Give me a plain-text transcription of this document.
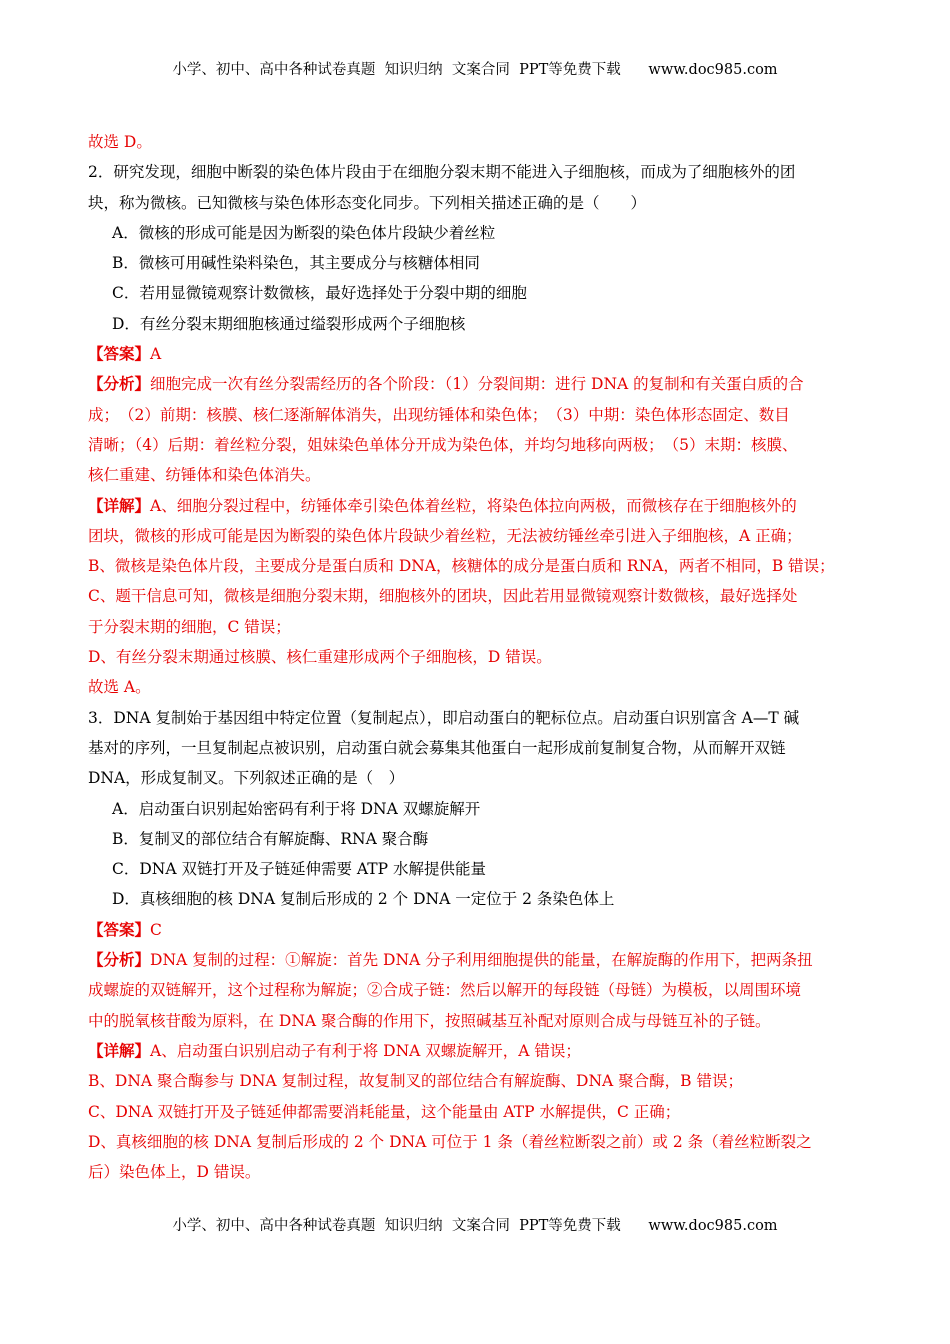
小学、初中、高中各种试卷真题  知识归纳  文案合同  PPT等免费下载      www.doc985.com
故选 D。
2．研究发现，细胞中断裂的染色体片段由于在细胞分裂末期不能进入子细胞核，而成为了细胞核外的团
块，称为微核。已知微核与染色体形态变化同步。下列相关描述正确的是（　　）
A．微核的形成可能是因为断裂的染色体片段缺少着丝粒
B．微核可用碱性染料染色，其主要成分与核糖体相同
C．若用显微镜观察计数微核，最好选择处于分裂中期的细胞
D．有丝分裂末期细胞核通过缢裂形成两个子细胞核
【答案】A
【分析】细胞完成一次有丝分裂需经历的各个阶段：（1）分裂间期：进行 DNA 的复制和有关蛋白质的合
成；　（2）前期：核膜、核仁逐渐解体消失，出现纺锤体和染色体；　（3）中期：染色体形态固定、数目
清晰；（4）后期：着丝粒分裂，姐妹染色单体分开成为染色体，并均匀地移向两极；　（5）末期：核膜、
核仁重建、纺锤体和染色体消失。
【详解】A、细胞分裂过程中，纺锤体牵引染色体着丝粒，将染色体拉向两极，而微核存在于细胞核外的
团块，微核的形成可能是因为断裂的染色体片段缺少着丝粒，无法被纺锤丝牵引进入子细胞核，A 正确；
B、微核是染色体片段，主要成分是蛋白质和 DNA，核糖体的成分是蛋白质和 RNA，两者不相同，B 错误；
C、题干信息可知，微核是细胞分裂末期，细胞核外的团块，因此若用显微镜观察计数微核，最好选择处
于分裂末期的细胞，C 错误；
D、有丝分裂末期通过核膜、核仁重建形成两个子细胞核，D 错误。
故选 A。
3．DNA 复制始于基因组中特定位置（复制起点），即启动蛋白的靶标位点。启动蛋白识别富含 A—T 碱
基对的序列，一旦复制起点被识别，启动蛋白就会募集其他蛋白一起形成前复制复合物，从而解开双链
DNA，形成复制叉。下列叙述正确的是（　）
A．启动蛋白识别起始密码有利于将 DNA 双螺旋解开
B．复制叉的部位结合有解旋酶、RNA 聚合酶
C．DNA 双链打开及子链延伸需要 ATP 水解提供能量
D．真核细胞的核 DNA 复制后形成的 2 个 DNA 一定位于 2 条染色体上
【答案】C
【分析】DNA 复制的过程：①解旋：首先 DNA 分子利用细胞提供的能量，在解旋酶的作用下，把两条扭
成螺旋的双链解开，这个过程称为解旋；②合成子链：然后以解开的每段链（母链）为模板，以周围环境
中的脱氧核苷酸为原料，在 DNA 聚合酶的作用下，按照碱基互补配对原则合成与母链互补的子链。
【详解】A、启动蛋白识别启动子有利于将 DNA 双螺旋解开，A 错误；
B、DNA 聚合酶参与 DNA 复制过程，故复制叉的部位结合有解旋酶、DNA 聚合酶，B 错误；
C、DNA 双链打开及子链延伸都需要消耗能量，这个能量由 ATP 水解提供，C 正确；
D、真核细胞的核 DNA 复制后形成的 2 个 DNA 可位于 1 条（着丝粒断裂之前）或 2 条（着丝粒断裂之
后）染色体上，D 错误。
小学、初中、高中各种试卷真题  知识归纳  文案合同  PPT等免费下载      www.doc985.com
